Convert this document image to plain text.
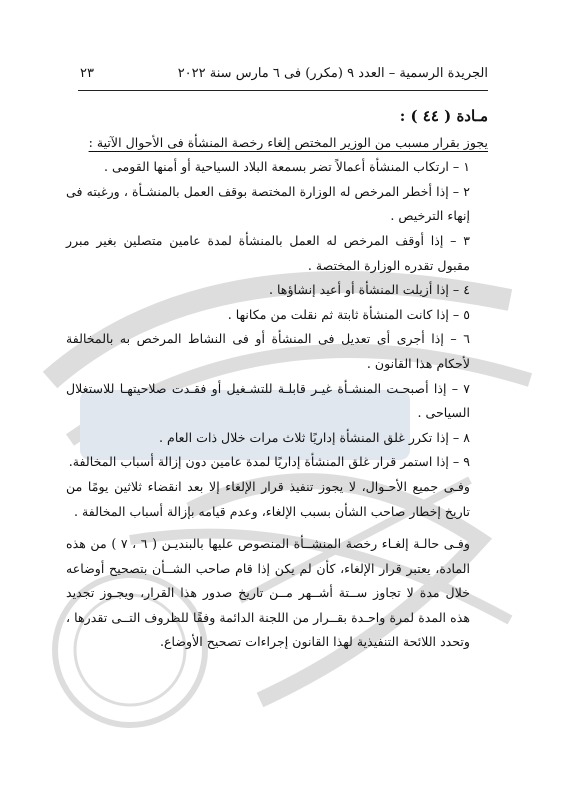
الجريدة الرسمية – العدد ٩ (مكرر) فى ٦ مارس سنة ٢٠٢٢
٢٣
مـادة ( ٤٤ ) :

يجوز بقرار مسبب من الوزير المختص إلغاء رخصة المنشأة فى الأحوال الآتية :

١ – ارتكاب المنشأة أعمالاً تضر بسمعة البلاد السياحية أو أمنها القومى .

٢ – إذا أخطر المرخص له الوزارة المختصة بوقف العمل بالمنشـأة ، ورغبته فى إنهاء الترخيص .

٣ – إذا أوقف المرخص له العمل بالمنشأة لمدة عامين متصلين بغير مبرر مقبول تقدره الوزارة المختصة .

٤ – إذا أزيلت المنشأة أو أعيد إنشاؤها .

٥ – إذا كانت المنشأة ثابتة ثم نقلت من مكانها .

٦ – إذا أجرى أى تعديل فى المنشأة أو فى النشاط المرخص به بالمخالفة لأحكام هذا القانون .

٧ – إذا أصبحـت المنشـأة غيـر قابلـة للتشـغيل أو فقـدت صلاحيتهـا للاستغلال السياحى .

٨ – إذا تكرر غلق المنشأة إداريًا ثلاث مرات خلال ذات العام .

٩ – إذا استمر قرار غلق المنشأة إداريًا لمدة عامين دون إزالة أسباب المخالفة.

وفـى جميع الأحـوال، لا يجوز تنفيذ قرار الإلغاء إلا بعد انقضاء ثلاثين يومًا من تاريخ إخطار صاحب الشأن بسبب الإلغاء، وعدم قيامه بإزالة أسباب المخالفة .

وفـى حالـة إلغـاء رخصة المنشــأة المنصوص عليها بالبنديـن ( ٦ ، ٧ ) من هذه المادة، يعتبر قرار الإلغاء، كأن لم يكن إذا قام صاحب الشــأن بتصحيح أوضاعه خلال مدة لا تجاوز ســتة أشــهر مــن تاريخ صدور هذا القرار، ويجـوز تجديد هذه المدة لمرة واحـدة بقــرار من اللجنة الدائمة وفقًا للظروف التــى تقدرها ، وتحدد اللائحة التنفيذية لهذا القانون إجراءات تصحيح الأوضاع.
